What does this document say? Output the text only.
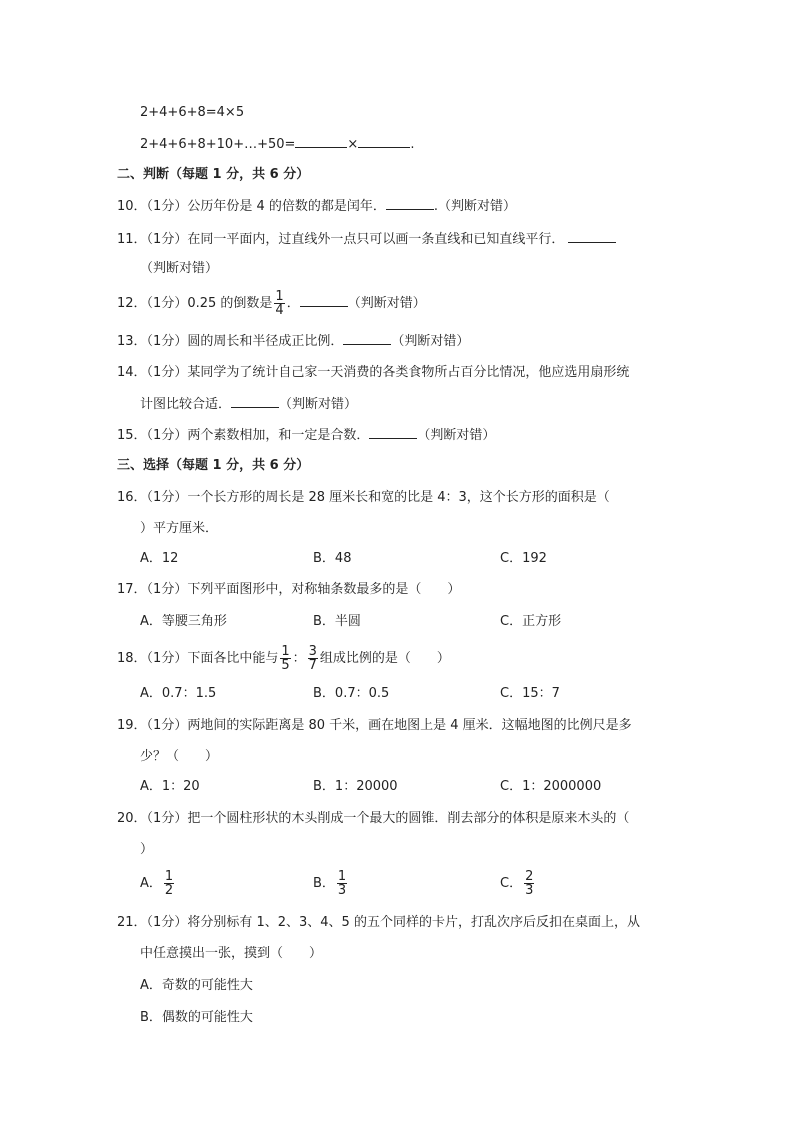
2+4+6+8=4×5
2+4+6+8+10+…+50=	×	.
二、判断（每题 1 分，共 6 分）
10．（1分）公历年份是 4 的倍数的都是闰年．	.（判断对错）
11．（1分）在同一平面内，过直线外一点只可以画一条直线和已知直线平行．
（判断对错）
12．（1分）0.25 的倒数是 $\frac{1}{4}$ ．	（判断对错）
13．（1分）圆的周长和半径成正比例．	（判断对错）
14．（1分）某同学为了统计自己家一天消费的各类食物所占百分比情况，他应选用扇形统
计图比较合适．	（判断对错）
15．（1分）两个素数相加，和一定是合数．	（判断对错）
三、选择（每题 1 分，共 6 分）
16．（1分）一个长方形的周长是 28 厘米长和宽的比是 4：3，这个长方形的面积是（
）平方厘米．
A．12	B．48	C．192
17．（1分）下列平面图形中，对称轴条数最多的是（　　）
A．等腰三角形	B．半圆	C．正方形
18．（1分）下面各比中能与 $\frac{1}{5}$ ： $\frac{3}{7}$ 组成比例的是（　　）
A．0.7：1.5	B．0.7：0.5	C．15：7
19．（1分）两地间的实际距离是 80 千米，画在地图上是 4 厘米．这幅地图的比例尺是多
少？（　　）
A．1：20	B．1：20000	C．1：2000000
20．（1分）把一个圆柱形状的木头削成一个最大的圆锥．削去部分的体积是原来木头的（
）
A． $\frac{1}{2}$	B． $\frac{1}{3}$	C． $\frac{2}{3}$
21．（1分）将分别标有 1、2、3、4、5 的五个同样的卡片，打乱次序后反扣在桌面上，从
中任意摸出一张，摸到（　　）
A．奇数的可能性大
B．偶数的可能性大
